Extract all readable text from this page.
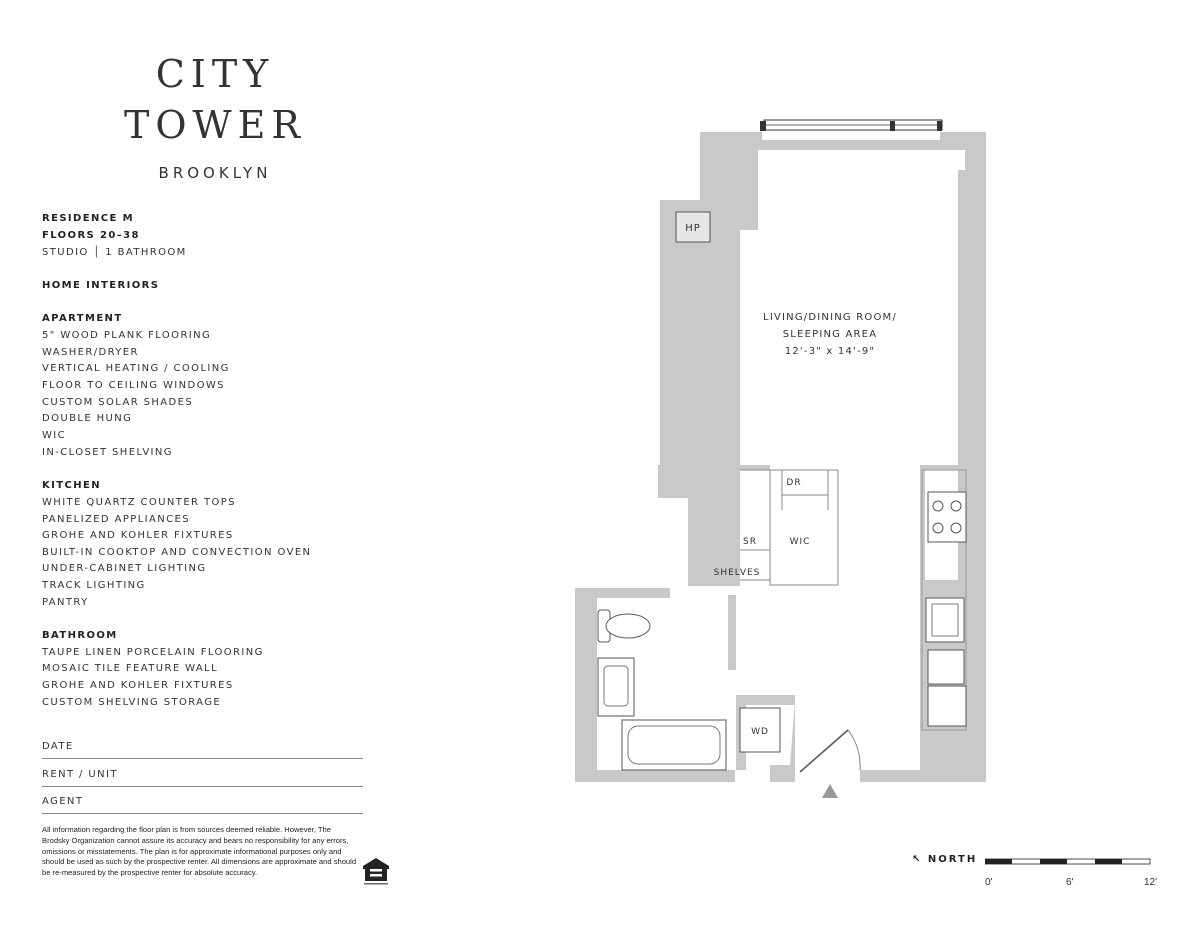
CITY
TOWER
BROOKLYN
RESIDENCE M
FLOORS 20–38
STUDIO │ 1 BATHROOM
HOME INTERIORS
APARTMENT
5" WOOD PLANK FLOORING
WASHER/DRYER
VERTICAL HEATING / COOLING
FLOOR TO CEILING WINDOWS
CUSTOM SOLAR SHADES
DOUBLE HUNG
WIC
IN-CLOSET SHELVING
KITCHEN
WHITE QUARTZ COUNTER TOPS
PANELIZED APPLIANCES
GROHE AND KOHLER FIXTURES
BUILT-IN COOKTOP AND CONVECTION OVEN
UNDER-CABINET LIGHTING
TRACK LIGHTING
PANTRY
BATHROOM
TAUPE LINEN PORCELAIN FLOORING
MOSAIC TILE FEATURE WALL
GROHE AND KOHLER FIXTURES
CUSTOM SHELVING STORAGE
DATE
RENT / UNIT
AGENT
All information regarding the floor plan is from sources deemed reliable. However, The Brodsky Organization cannot assure its accuracy and bears no responsibility for any errors, omissions or misstatements. The plan is for approximate informational purposes only and should be used as such by the prospective renter. All dimensions are approximate and should be re-measured by the prospective renter for absolute accuracy.
HP
LIVING/DINING ROOM/
SLEEPING AREA
12'-3" x 14'-9"
DR
SR	WIC
SHELVES
WD
↖ NORTH
0'	6'	12'
